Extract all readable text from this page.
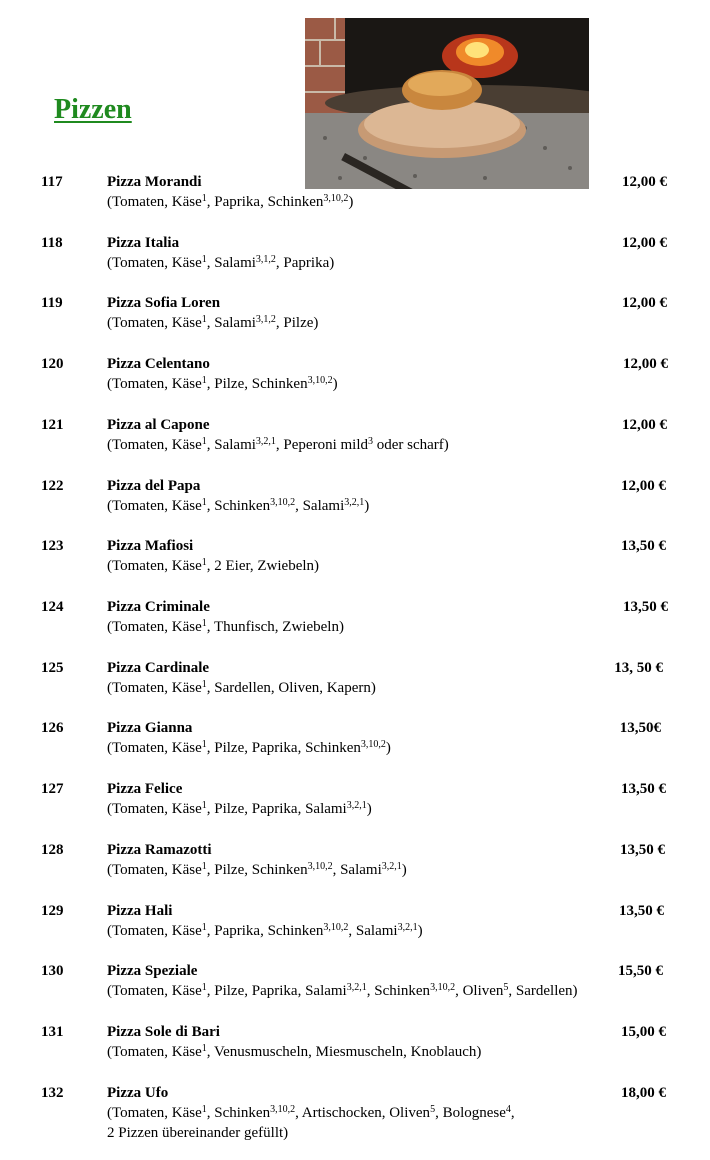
Pizzen
117	Pizza Morandi	12,00 €
(Tomaten, Käse$^1$, Paprika, Schinken$^{3,10,2}$)
118	Pizza Italia	12,00 €
(Tomaten, Käse$^1$, Salami$^{3,1,2}$, Paprika)
119	Pizza Sofia Loren	12,00 €
(Tomaten, Käse$^1$, Salami$^{3,1,2}$, Pilze)
120	Pizza Celentano	12,00 €
(Tomaten, Käse$^1$, Pilze, Schinken$^{3,10,2}$)
121	Pizza al Capone	12,00 €
(Tomaten, Käse$^1$, Salami$^{3,2,1}$, Peperoni mild$^3$ oder scharf)
122	Pizza del Papa	12,00 €
(Tomaten, Käse$^1$, Schinken$^{3,10,2}$, Salami$^{3,2,1}$)
123	Pizza Mafiosi	13,50 €
(Tomaten, Käse$^1$, 2 Eier, Zwiebeln)
124	Pizza Criminale	13,50 €
(Tomaten, Käse$^1$, Thunfisch, Zwiebeln)
125	Pizza Cardinale	13, 50 €
(Tomaten, Käse$^1$, Sardellen, Oliven, Kapern)
126	Pizza Gianna	13,50€
(Tomaten, Käse$^1$, Pilze, Paprika, Schinken$^{3,10,2}$)
127	Pizza Felice	13,50 €
(Tomaten, Käse$^1$, Pilze, Paprika, Salami$^{3,2,1}$)
128	Pizza Ramazotti	13,50 €
(Tomaten, Käse$^1$, Pilze, Schinken$^{3,10,2}$, Salami$^{3,2,1}$)
129	Pizza Hali	13,50 €
(Tomaten, Käse$^1$, Paprika, Schinken$^{3,10,2}$, Salami$^{3,2,1}$)
130	Pizza Speziale	15,50 €
(Tomaten, Käse$^1$, Pilze, Paprika, Salami$^{3,2,1}$, Schinken$^{3,10,2}$, Oliven$^5$, Sardellen)
131	Pizza Sole di Bari	15,00 €
(Tomaten, Käse$^1$, Venusmuscheln, Miesmuscheln, Knoblauch)
132	Pizza Ufo	18,00 €
(Tomaten, Käse$^1$, Schinken$^{3,10,2}$, Artischocken, Oliven$^5$, Bolognese$^4$,
2 Pizzen übereinander gefüllt)
